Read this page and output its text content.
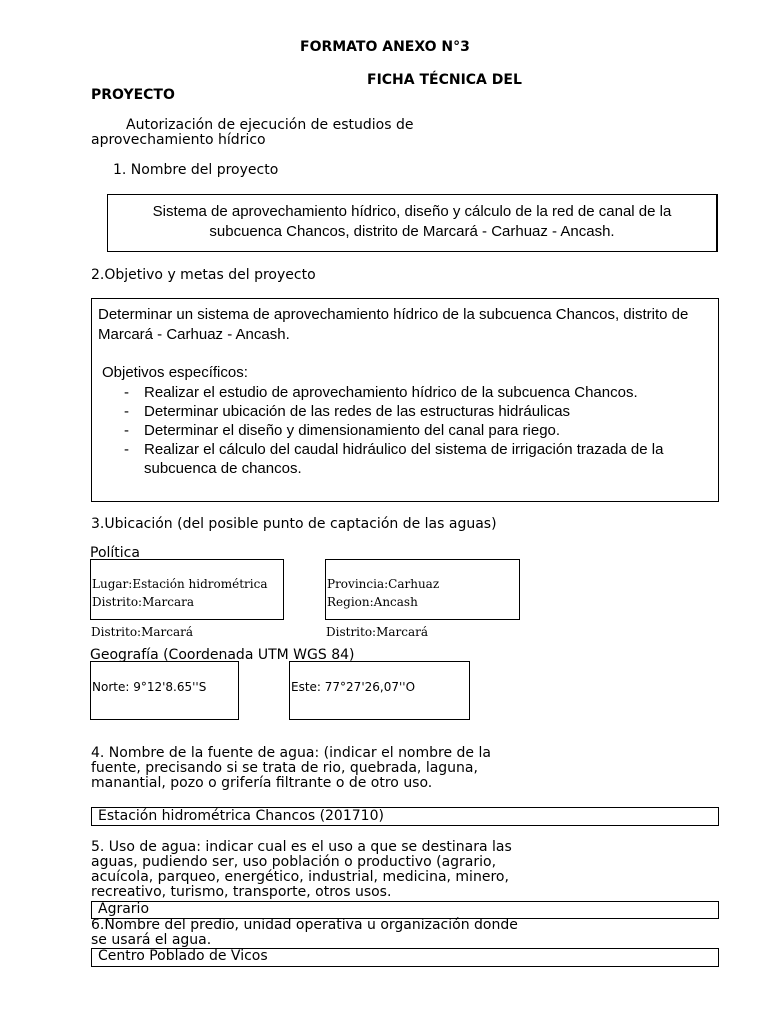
FORMATO ANEXO N°3
FICHA TÉCNICA DEL
PROYECTO
Autorización de ejecución de estudios de
aprovechamiento hídrico
1. Nombre del proyecto
Sistema de aprovechamiento hídrico, diseño y cálculo de la red de canal de la
subcuenca Chancos, distrito de Marcará - Carhuaz - Ancash.
2.Objetivo y metas del proyecto
Determinar un sistema de aprovechamiento hídrico de la subcuenca Chancos, distrito de
Marcará - Carhuaz - Ancash.
Objetivos específicos:
- Realizar el estudio de aprovechamiento hídrico de la subcuenca Chancos.
- Determinar ubicación de las redes de las estructuras hidráulicas
- Determinar el diseño y dimensionamiento del canal para riego.
- Realizar el cálculo del caudal hidráulico del sistema de irrigación trazada de la
subcuenca de chancos.
3.Ubicación (del posible punto de captación de las aguas)
Política
Lugar:Estación hidrométrica
Distrito:Marcara
Provincia:Carhuaz
Region:Ancash
Distrito:Marcará	Distrito:Marcará
Geografía (Coordenada UTM WGS 84)
Norte: 9°12'8.65''S	Este: 77°27'26,07''O
4. Nombre de la fuente de agua: (indicar el nombre de la
fuente, precisando si se trata de rio, quebrada, laguna,
manantial, pozo o grifería filtrante o de otro uso.
Estación hidrométrica Chancos (201710)
5. Uso de agua: indicar cual es el uso a que se destinara las
aguas, pudiendo ser, uso población o productivo (agrario,
acuícola, parqueo, energético, industrial, medicina, minero,
recreativo, turismo, transporte, otros usos.
Agrario
6.Nombre del predio, unidad operativa u organización donde
se usará el agua.
Centro Poblado de Vicos
